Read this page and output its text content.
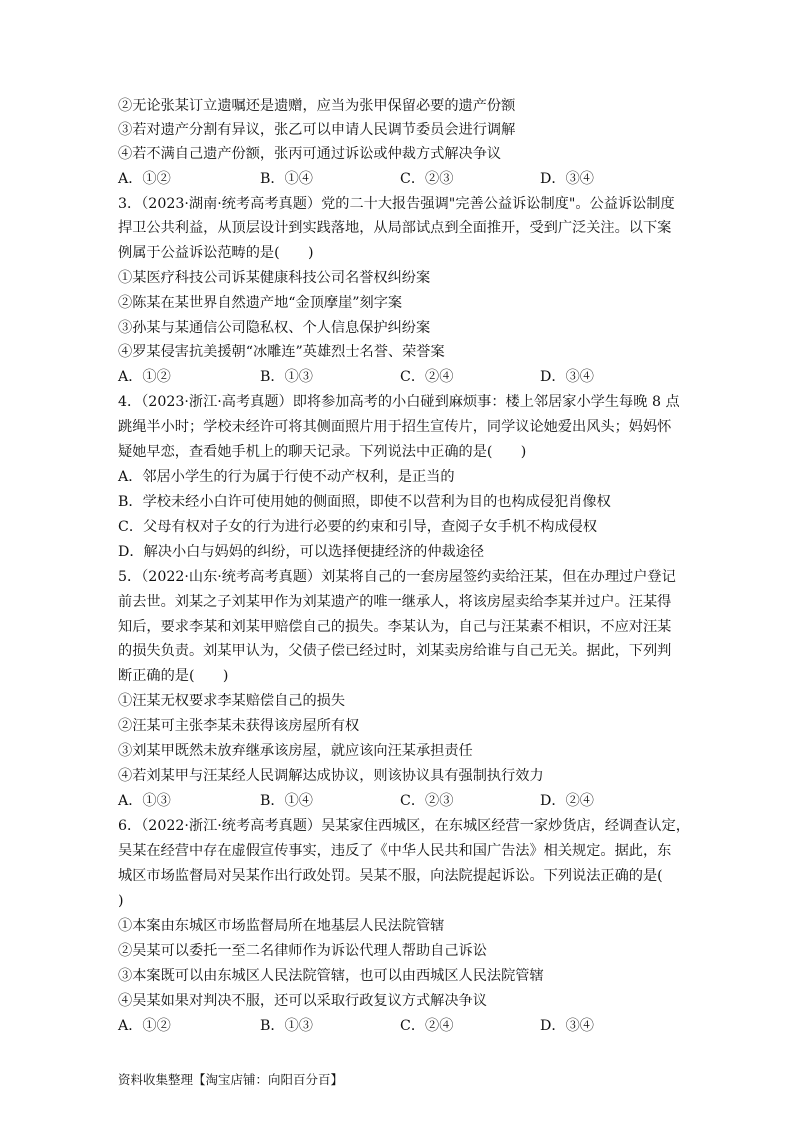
②无论张某订立遗嘱还是遗赠，应当为张甲保留必要的遗产份额
③若对遗产分割有异议，张乙可以申请人民调节委员会进行调解
④若不满自己遗产份额，张丙可通过诉讼或仲裁方式解决争议
A．①②	B．①④	C．②③	D．③④
3．（2023·湖南·统考高考真题）党的二十大报告强调"完善公益诉讼制度"。公益诉讼制度
捍卫公共利益，从顶层设计到实践落地，从局部试点到全面推开，受到广泛关注。以下案
例属于公益诉讼范畴的是(　　)
①某医疗科技公司诉某健康科技公司名誉权纠纷案
②陈某在某世界自然遗产地“金顶摩崖”刻字案
③孙某与某通信公司隐私权、个人信息保护纠纷案
④罗某侵害抗美援朝“冰雕连”英雄烈士名誉、荣誉案
A．①②	B．①③	C．②④	D．③④
4．（2023·浙江·高考真题）即将参加高考的小白碰到麻烦事：楼上邻居家小学生每晚 8 点
跳绳半小时；学校未经许可将其侧面照片用于招生宣传片，同学议论她爱出风头；妈妈怀
疑她早恋，查看她手机上的聊天记录。下列说法中正确的是(　　)
A．邻居小学生的行为属于行使不动产权利，是正当的
B．学校未经小白许可使用她的侧面照，即使不以营利为目的也构成侵犯肖像权
C．父母有权对子女的行为进行必要的约束和引导，查阅子女手机不构成侵权
D．解决小白与妈妈的纠纷，可以选择便捷经济的仲裁途径
5．（2022·山东·统考高考真题）刘某将自己的一套房屋签约卖给汪某，但在办理过户登记
前去世。刘某之子刘某甲作为刘某遗产的唯一继承人，将该房屋卖给李某并过户。汪某得
知后，要求李某和刘某甲赔偿自己的损失。李某认为，自己与汪某素不相识，不应对汪某
的损失负责。刘某甲认为，父债子偿已经过时，刘某卖房给谁与自己无关。据此，下列判
断正确的是(　　)
①汪某无权要求李某赔偿自己的损失
②汪某可主张李某未获得该房屋所有权
③刘某甲既然未放弃继承该房屋，就应该向汪某承担责任
④若刘某甲与汪某经人民调解达成协议，则该协议具有强制执行效力
A．①③	B．①④	C．②③	D．②④
6．（2022·浙江·统考高考真题）吴某家住西城区，在东城区经营一家炒货店，经调查认定，
吴某在经营中存在虚假宣传事实，违反了《中华人民共和国广告法》相关规定。据此，东
城区市场监督局对吴某作出行政处罚。吴某不服，向法院提起诉讼。下列说法正确的是(
)
①本案由东城区市场监督局所在地基层人民法院管辖
②吴某可以委托一至二名律师作为诉讼代理人帮助自己诉讼
③本案既可以由东城区人民法院管辖，也可以由西城区人民法院管辖
④吴某如果对判决不服，还可以采取行政复议方式解决争议
A．①②	B．①③	C．②④	D．③④
资料收集整理【淘宝店铺：向阳百分百】
